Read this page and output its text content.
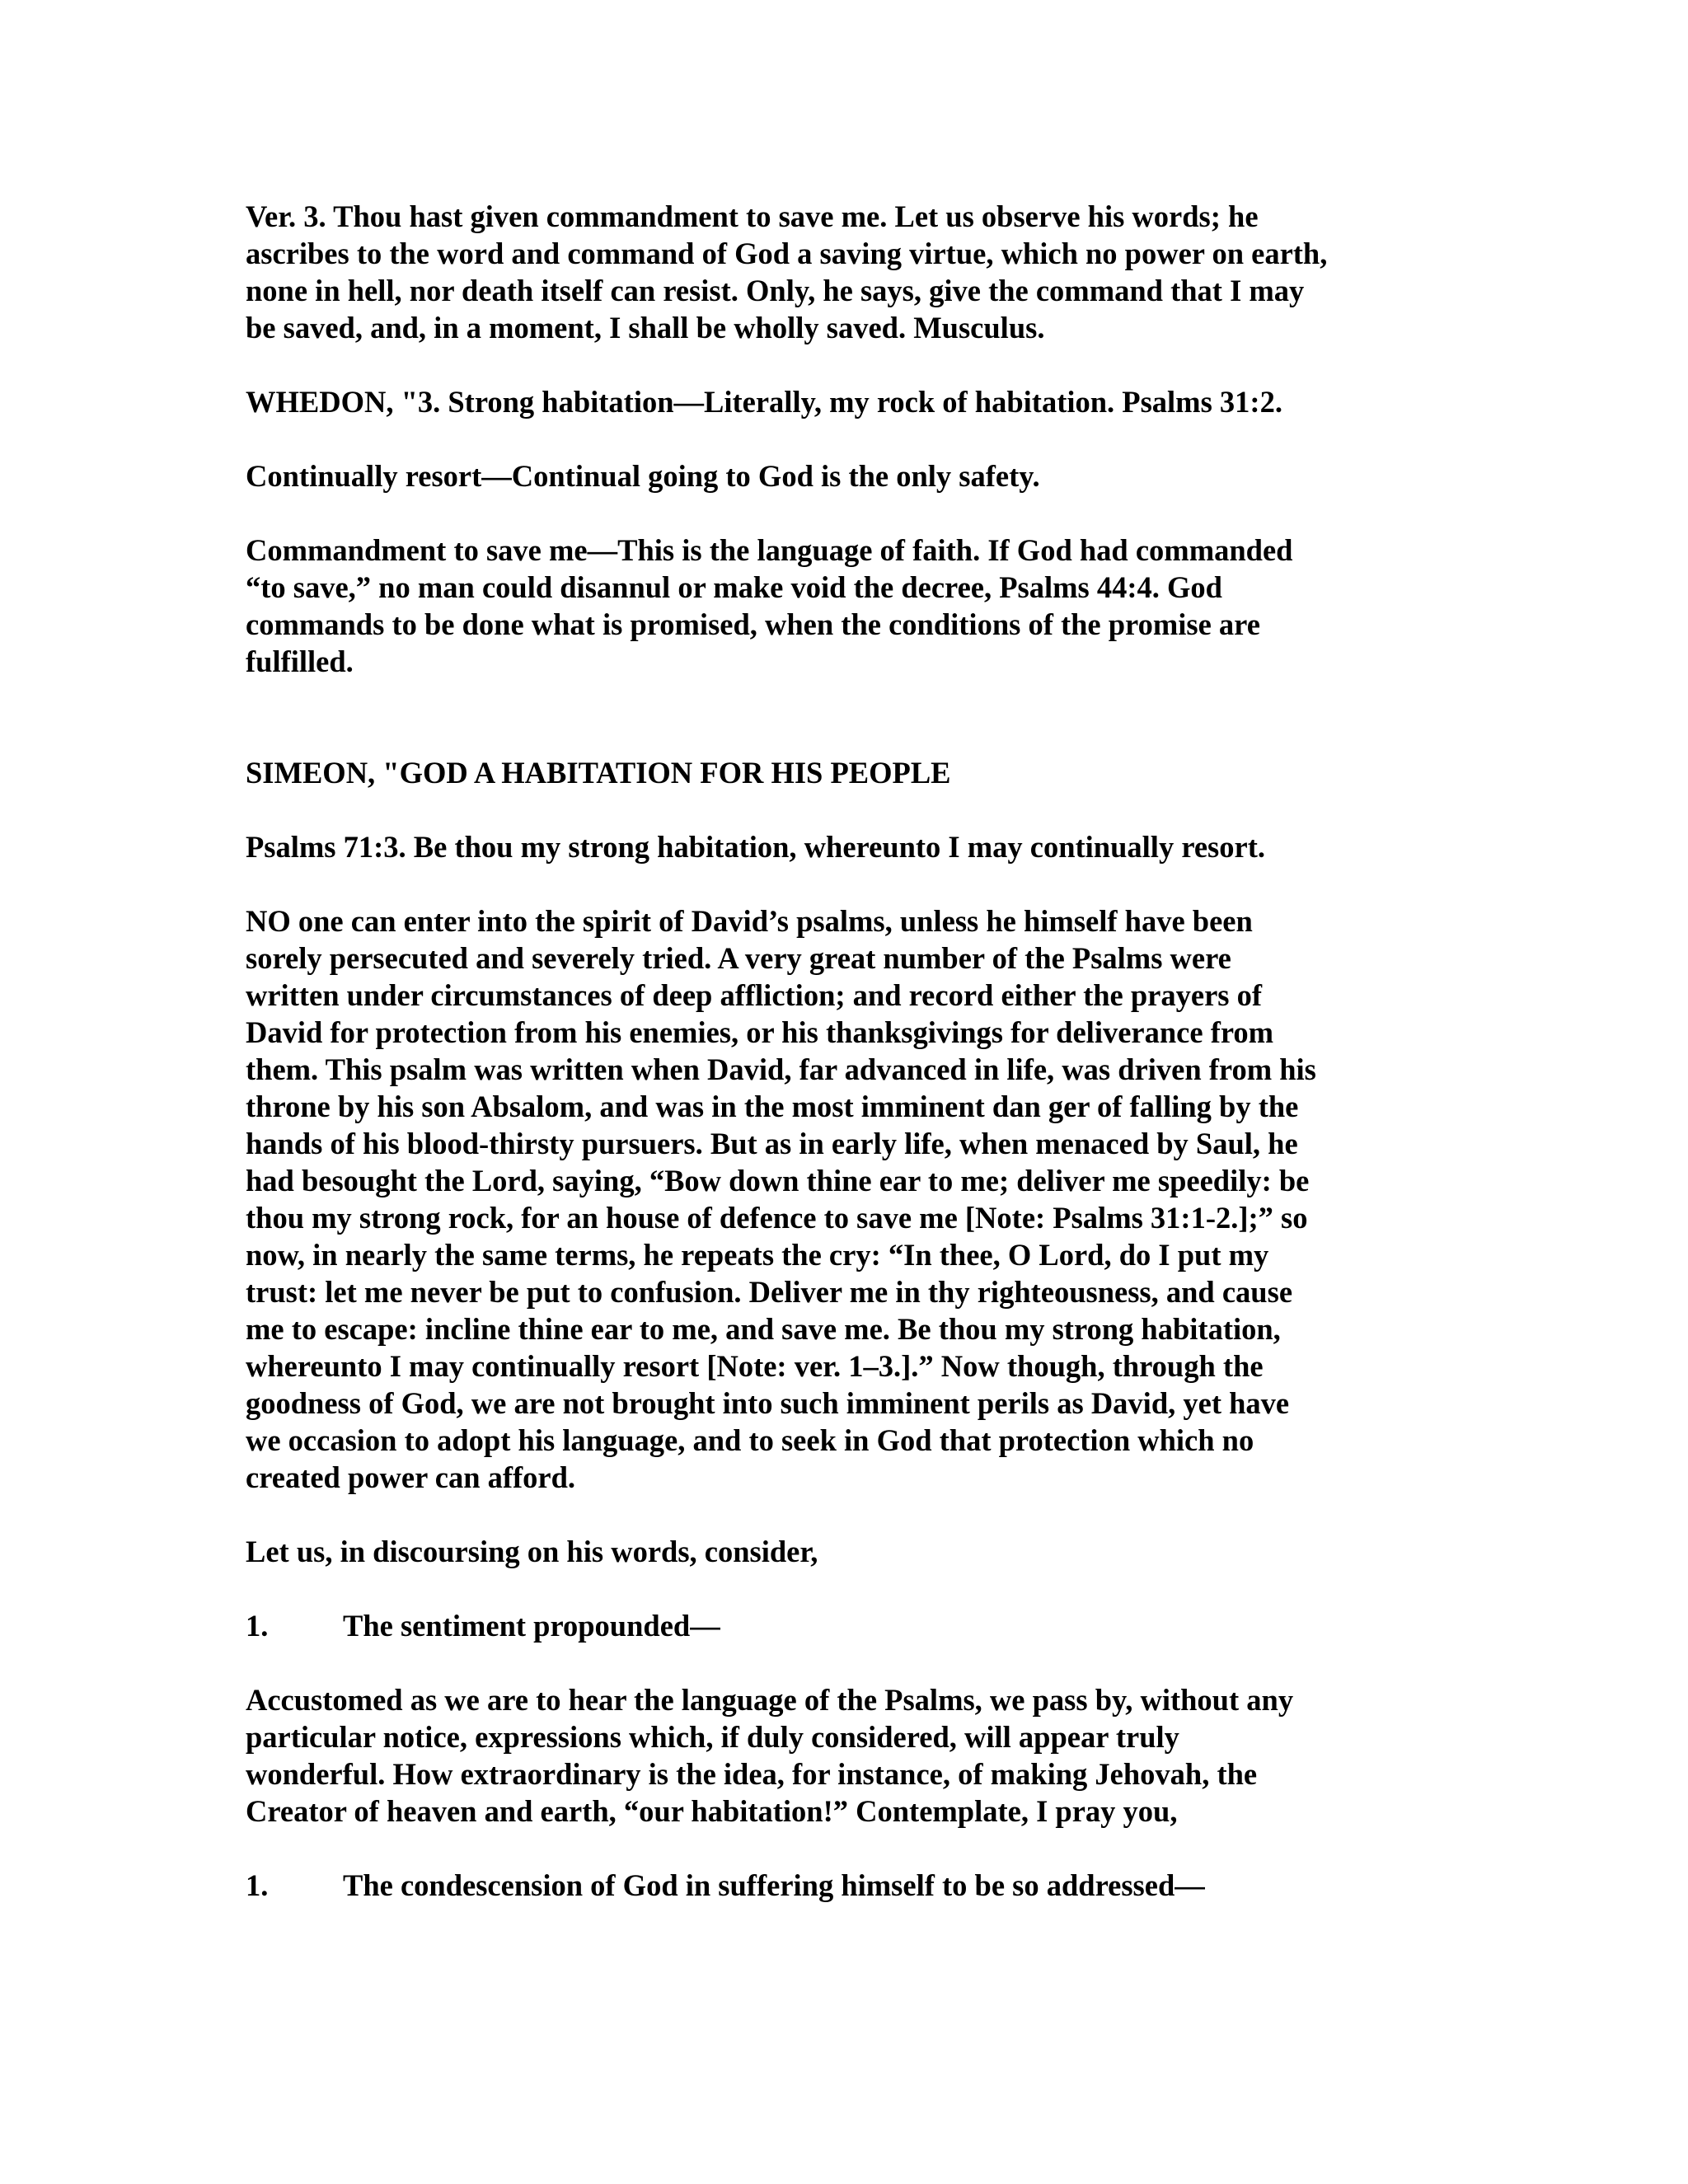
Ver. 3. Thou hast given commandment to save me. Let us observe his words; he
ascribes to the word and command of God a saving virtue, which no power on earth,
none in hell, nor death itself can resist. Only, he says, give the command that I may
be saved, and, in a moment, I shall be wholly saved. Musculus.

WHEDON, "3. Strong habitation—Literally, my rock of habitation. Psalms 31:2.

Continually resort—Continual going to God is the only safety.

Commandment to save me—This is the language of faith. If God had commanded
“to save,” no man could disannul or make void the decree, Psalms 44:4. God
commands to be done what is promised, when the conditions of the promise are
fulfilled.

SIMEON, "GOD A HABITATION FOR HIS PEOPLE

Psalms 71:3. Be thou my strong habitation, whereunto I may continually resort.

NO one can enter into the spirit of David’s psalms, unless he himself have been
sorely persecuted and severely tried. A very great number of the Psalms were
written under circumstances of deep affliction; and record either the prayers of
David for protection from his enemies, or his thanksgivings for deliverance from
them. This psalm was written when David, far advanced in life, was driven from his
throne by his son Absalom, and was in the most imminent dan ger of falling by the
hands of his blood-thirsty pursuers. But as in early life, when menaced by Saul, he
had besought the Lord, saying, “Bow down thine ear to me; deliver me speedily: be
thou my strong rock, for an house of defence to save me [Note: Psalms 31:1-2.];” so
now, in nearly the same terms, he repeats the cry: “In thee, O Lord, do I put my
trust: let me never be put to confusion. Deliver me in thy righteousness, and cause
me to escape: incline thine ear to me, and save me. Be thou my strong habitation,
whereunto I may continually resort [Note: ver. 1–3.].” Now though, through the
goodness of God, we are not brought into such imminent perils as David, yet have
we occasion to adopt his language, and to seek in God that protection which no
created power can afford.

Let us, in discoursing on his words, consider,

1.	The sentiment propounded—

Accustomed as we are to hear the language of the Psalms, we pass by, without any
particular notice, expressions which, if duly considered, will appear truly
wonderful. How extraordinary is the idea, for instance, of making Jehovah, the
Creator of heaven and earth, “our habitation!” Contemplate, I pray you,

1.	The condescension of God in suffering himself to be so addressed—
